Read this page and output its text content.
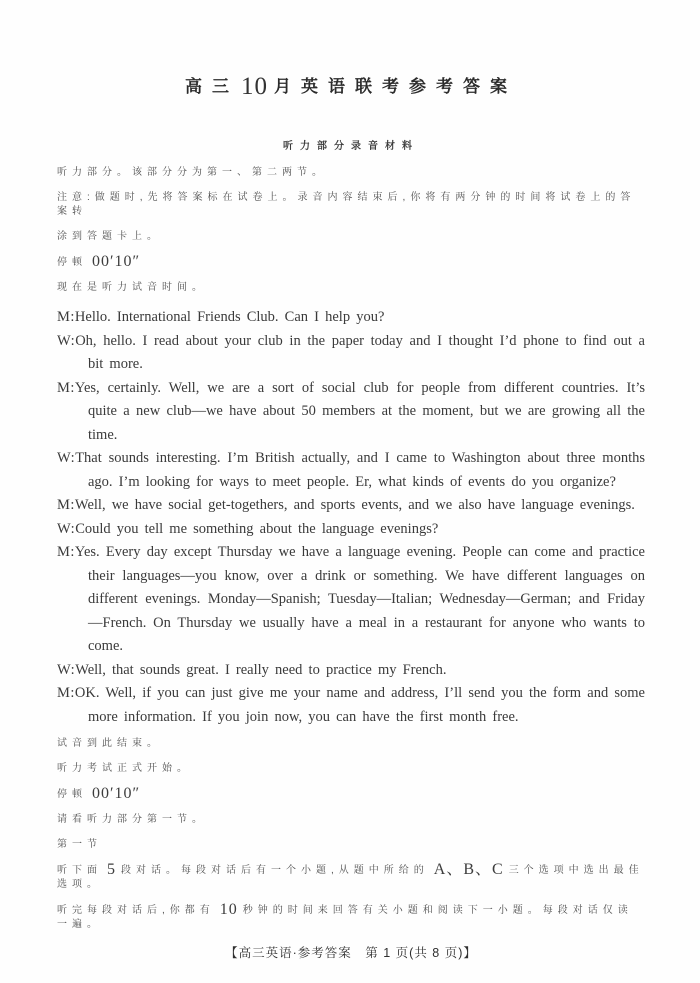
高三10 月英语联考参考答案
听力部分录音材料

听力部分。该部分分为第一、第二两节。

注意:做题时,先将答案标在试卷上。录音内容结束后,你将有两分钟的时间将试卷上的答案转

涂到答题卡上。

停顿 00′10″

现在是听力试音时间。

M:Hello. International Friends Club. Can I help you?

W:Oh, hello. I read about your club in the paper today and I thought I’d phone to find out a bit more.

M:Yes, certainly. Well, we are a sort of social club for people from different countries. It’s quite a new club—we have about 50 members at the moment, but we are growing all the time.

W:That sounds interesting. I’m British actually, and I came to Washington about three months ago. I’m looking for ways to meet people. Er, what kinds of events do you organize?

M:Well, we have social get-togethers, and sports events, and we also have language evenings.

W:Could you tell me something about the language evenings?

M:Yes. Every day except Thursday we have a language evening. People can come and practice their languages—you know, over a drink or something. We have different languages on different evenings. Monday—Spanish; Tuesday—Italian; Wednesday—German; and Friday—French. On Thursday we usually have a meal in a restaurant for anyone who wants to come.

W:Well, that sounds great. I really need to practice my French.

M:OK. Well, if you can just give me your name and address, I’ll send you the form and some more information. If you join now, you can have the first month free.

试音到此结束。

听力考试正式开始。

停顿 00′10″

请看听力部分第一节。

第一节

听下面 5 段对话。每段对话后有一个小题,从题中所给的 A、B、C 三个选项中选出最佳选项。

听完每段对话后,你都有 10 秒钟的时间来回答有关小题和阅读下一小题。每段对话仅读一遍。

【高三英语·参考答案　第 1 页(共 8 页)】
